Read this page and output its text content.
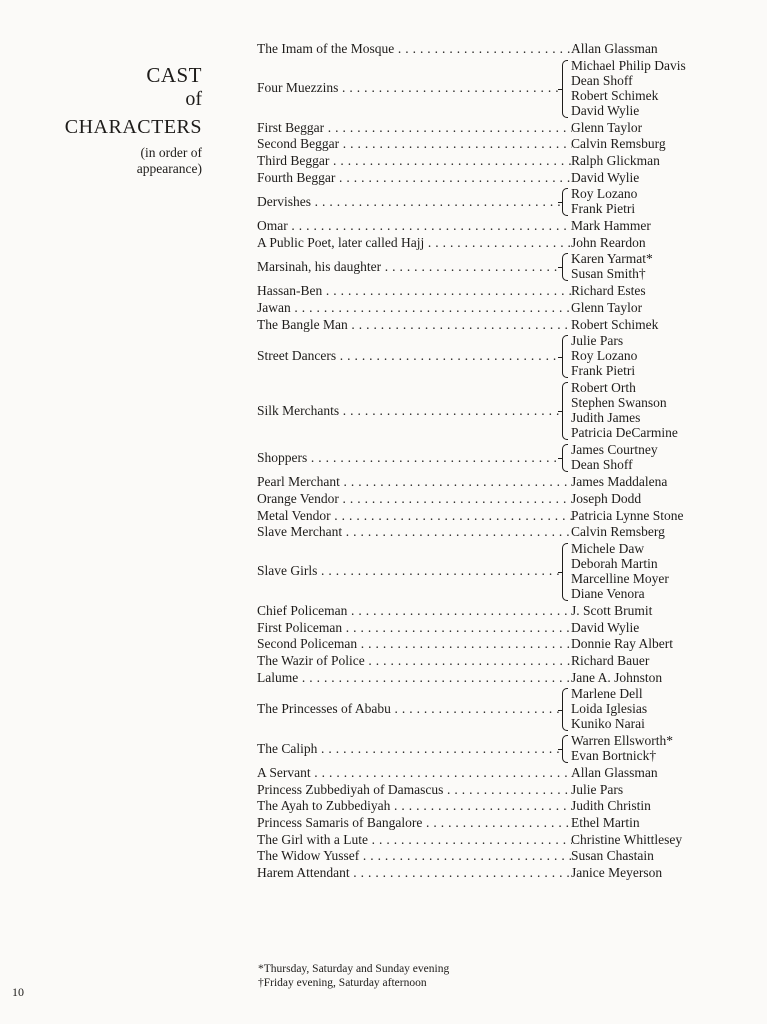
CAST
of
CHARACTERS
(in order of
appearance)
The Imam of the Mosque . . .	Allan Glassman
Four Muezzins . . .
Michael Philip Davis
Dean Shoff
Robert Schimek
David Wylie
First Beggar . . .	Glenn Taylor
Second Beggar . . .	Calvin Remsburg
Third Beggar . . .	Ralph Glickman
Fourth Beggar . . .	David Wylie
Dervishes . . .	Roy Lozano
Frank Pietri
Omar . . .	Mark Hammer
A Public Poet, later called Hajj . . .	John Reardon
Marsinah, his daughter . . .	Karen Yarmat*
Susan Smith†
Hassan-Ben . . .	Richard Estes
Jawan . . .	Glenn Taylor
The Bangle Man . . .	Robert Schimek
Street Dancers . . .
Julie Pars
Roy Lozano
Frank Pietri
Silk Merchants . . .
Robert Orth
Stephen Swanson
Judith James
Patricia DeCarmine
Shoppers . . .	James Courtney
Dean Shoff
Pearl Merchant . . .	James Maddalena
Orange Vendor . . .	Joseph Dodd
Metal Vendor . . .	Patricia Lynne Stone
Slave Merchant . . .	Calvin Remsberg
Slave Girls . . .
Michele Daw
Deborah Martin
Marcelline Moyer
Diane Venora
Chief Policeman . . .	J. Scott Brumit
First Policeman . . .	David Wylie
Second Policeman . . .	Donnie Ray Albert
The Wazir of Police . . .	Richard Bauer
Lalume . . .	Jane A. Johnston
The Princesses of Ababu . . .
Marlene Dell
Loida Iglesias
Kuniko Narai
The Caliph . . .	Warren Ellsworth*
Evan Bortnick†
A Servant . . .	Allan Glassman
Princess Zubbediyah of Damascus . . .	Julie Pars
The Ayah to Zubbediyah . . .	Judith Christin
Princess Samaris of Bangalore . . .	Ethel Martin
The Girl with a Lute . . .	Christine Whittlesey
The Widow Yussef . . .	Susan Chastain
Harem Attendant . . .	Janice Meyerson
*Thursday, Saturday and Sunday evening
†Friday evening, Saturday afternoon
10
